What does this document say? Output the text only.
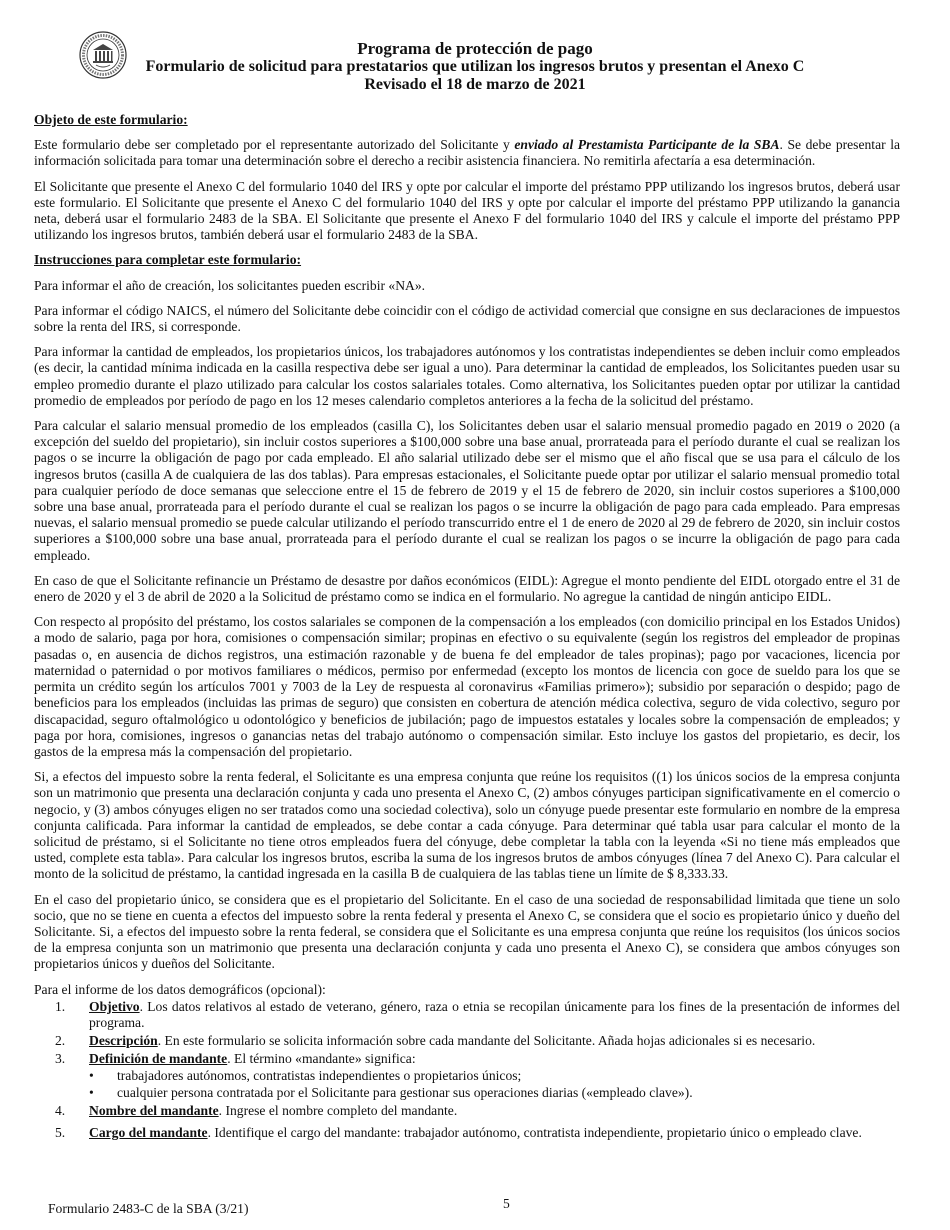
Programa de protección de pago
Formulario de solicitud para prestatarios que utilizan los ingresos brutos y presentan el Anexo C
Revisado el 18 de marzo de 2021
Objeto de este formulario:

Este formulario debe ser completado por el representante autorizado del Solicitante y enviado al Prestamista Participante de la SBA. Se debe presentar la información solicitada para tomar una determinación sobre el derecho a recibir asistencia financiera. No remitirla afectaría a esa determinación.

El Solicitante que presente el Anexo C del formulario 1040 del IRS y opte por calcular el importe del préstamo PPP utilizando los ingresos brutos, deberá usar este formulario. El Solicitante que presente el Anexo C del formulario 1040 del IRS y opte por calcular el importe del préstamo PPP utilizando la ganancia neta, deberá usar el formulario 2483 de la SBA. El Solicitante que presente el Anexo F del formulario 1040 del IRS y calcule el importe del préstamo PPP utilizando los ingresos brutos, también deberá usar el formulario 2483 de la SBA.

Instrucciones para completar este formulario:

Para informar el año de creación, los solicitantes pueden escribir «NA».

Para informar el código NAICS, el número del Solicitante debe coincidir con el código de actividad comercial que consigne en sus declaraciones de impuestos sobre la renta del IRS, si corresponde.

Para informar la cantidad de empleados, los propietarios únicos, los trabajadores autónomos y los contratistas independientes se deben incluir como empleados (es decir, la cantidad mínima indicada en la casilla respectiva debe ser igual a uno). Para determinar la cantidad de empleados, los Solicitantes pueden usar su empleo promedio durante el plazo utilizado para calcular los costos salariales totales. Como alternativa, los Solicitantes pueden optar por utilizar la cantidad promedio de empleados por período de pago en los 12 meses calendario completos anteriores a la fecha de la solicitud del préstamo.

Para calcular el salario mensual promedio de los empleados (casilla C), los Solicitantes deben usar el salario mensual promedio pagado en 2019 o 2020 (a excepción del sueldo del propietario), sin incluir costos superiores a $100,000 sobre una base anual, prorrateada para el período durante el cual se realizan los pagos o se incurre la obligación de pago por cada empleado. El año salarial utilizado debe ser el mismo que el año fiscal que se usa para el cálculo de los ingresos brutos (casilla A de cualquiera de las dos tablas). Para empresas estacionales, el Solicitante puede optar por utilizar el salario mensual promedio total para cualquier período de doce semanas que seleccione entre el 15 de febrero de 2019 y el 15 de febrero de 2020, sin incluir costos superiores a $100,000 sobre una base anual, prorrateada para el período durante el cual se realizan los pagos o se incurre la obligación de pago para cada empleado. Para empresas nuevas, el salario mensual promedio se puede calcular utilizando el período transcurrido entre el 1 de enero de 2020 al 29 de febrero de 2020, sin incluir costos superiores a $100,000 sobre una base anual, prorrateada para el período durante el cual se realizan los pagos o se incurre la obligación de pago para cada empleado.

En caso de que el Solicitante refinancie un Préstamo de desastre por daños económicos (EIDL): Agregue el monto pendiente del EIDL otorgado entre el 31 de enero de 2020 y el 3 de abril de 2020 a la Solicitud de préstamo como se indica en el formulario. No agregue la cantidad de ningún anticipo EIDL.

Con respecto al propósito del préstamo, los costos salariales se componen de la compensación a los empleados (con domicilio principal en los Estados Unidos) a modo de salario, paga por hora, comisiones o compensación similar; propinas en efectivo o su equivalente (según los registros del empleador de propinas pasadas o, en ausencia de dichos registros, una estimación razonable y de buena fe del empleador de tales propinas); pago por vacaciones, licencia por maternidad o paternidad o por motivos familiares o médicos, permiso por enfermedad (excepto los montos de licencia con goce de sueldo para los que se permita un crédito según los artículos 7001 y 7003 de la Ley de respuesta al coronavirus «Familias primero»); subsidio por separación o despido; pago de beneficios para los empleados (incluidas las primas de seguro) que consisten en cobertura de atención médica colectiva, seguro de vida colectivo, seguro por discapacidad, seguro oftalmológico u odontológico y beneficios de jubilación; pago de impuestos estatales y locales sobre la compensación de empleados; y paga por hora, comisiones, ingresos o ganancias netas del trabajo autónomo o compensación similar. Esto incluye los gastos del propietario, es decir, los gastos de la empresa más la compensación del propietario.

Si, a efectos del impuesto sobre la renta federal, el Solicitante es una empresa conjunta que reúne los requisitos ((1) los únicos socios de la empresa conjunta son un matrimonio que presenta una declaración conjunta y cada uno presenta el Anexo C, (2) ambos cónyuges participan significativamente en el comercio o negocio, y (3) ambos cónyuges eligen no ser tratados como una sociedad colectiva), solo un cónyuge puede presentar este formulario en nombre de la empresa conjunta calificada. Para informar la cantidad de empleados, se debe contar a cada cónyuge. Para determinar qué tabla usar para calcular el monto de la solicitud de préstamo, si el Solicitante no tiene otros empleados fuera del cónyuge, debe completar la tabla con la leyenda «Si no tiene más empleados que usted, complete esta tabla». Para calcular los ingresos brutos, escriba la suma de los ingresos brutos de ambos cónyuges (línea 7 del Anexo C). Para calcular el monto de la solicitud de préstamo, la cantidad ingresada en la casilla B de cualquiera de las tablas tiene un límite de $ 8,333.33.

En el caso del propietario único, se considera que es el propietario del Solicitante. En el caso de una sociedad de responsabilidad limitada que tiene un solo socio, que no se tiene en cuenta a efectos del impuesto sobre la renta federal y presenta el Anexo C, se considera que el socio es propietario único y dueño del Solicitante. Si, a efectos del impuesto sobre la renta federal, se considera que el Solicitante es una empresa conjunta que reúne los requisitos (los únicos socios de la empresa conjunta son un matrimonio que presenta una declaración conjunta y cada uno presenta el Anexo C), se considera que ambos cónyuges son propietarios únicos y dueños del Solicitante.

Para el informe de los datos demográficos (opcional):
1. Objetivo. Los datos relativos al estado de veterano, género, raza o etnia se recopilan únicamente para los fines de la presentación de informes del programa.
2. Descripción. En este formulario se solicita información sobre cada mandante del Solicitante. Añada hojas adicionales si es necesario.
3. Definición de mandante. El término «mandante» significa:
• trabajadores autónomos, contratistas independientes o propietarios únicos;
• cualquier persona contratada por el Solicitante para gestionar sus operaciones diarias («empleado clave»).
4. Nombre del mandante. Ingrese el nombre completo del mandante.
5. Cargo del mandante. Identifique el cargo del mandante: trabajador autónomo, contratista independiente, propietario único o empleado clave.
Formulario 2483-C de la SBA (3/21)	5
